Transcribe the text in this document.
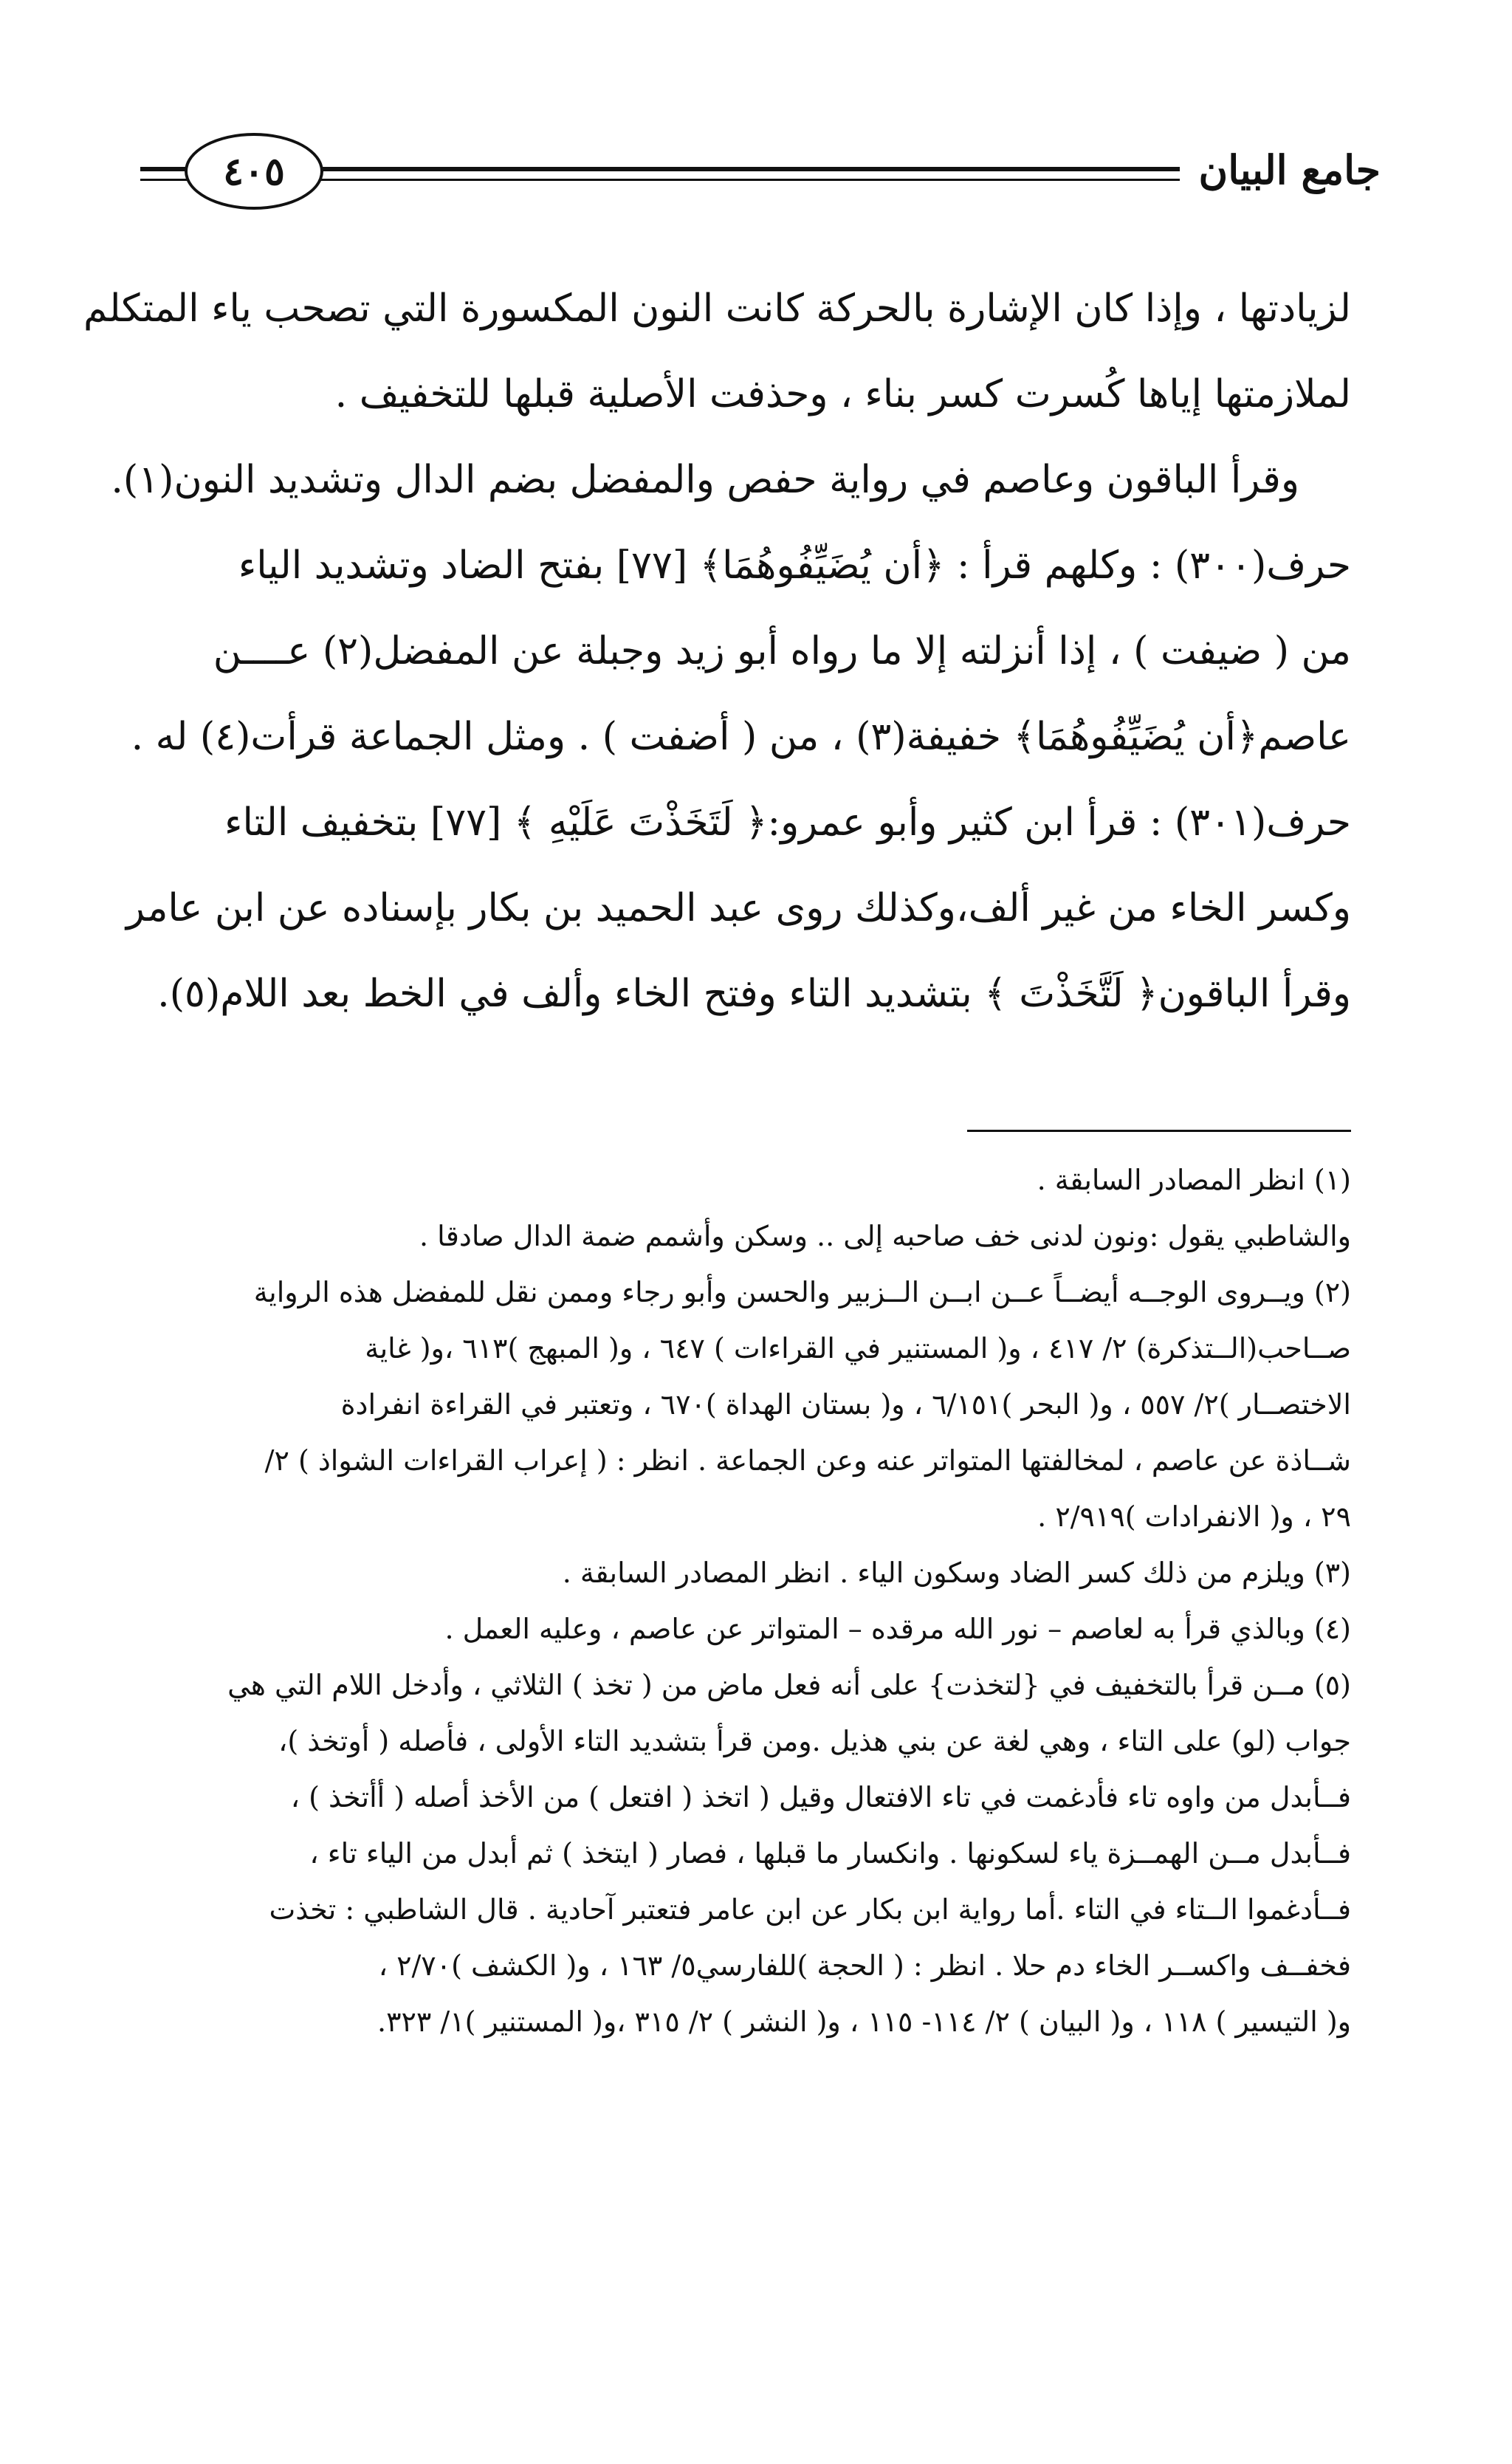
٤٠٥	جامع البيان
لزيادتها ، وإذا كان الإشارة بالحركة كانت النون المكسورة التي تصحب ياء المتكلم
لملازمتها إياها كُسرت كسر بناء ، وحذفت الأصلية قبلها للتخفيف .
وقرأ الباقون وعاصم في رواية حفص والمفضل بضم الدال وتشديد النون(١).
حرف(٣٠٠) : وكلهم قرأ : ﴿أن يُضَيِّفُوهُمَا﴾ [٧٧] بفتح الضاد وتشديد الياء
من ( ضيفت ) ، إذا أنزلته إلا ما رواه أبو زيد وجبلة عن المفضل(٢) عــــن
عاصم﴿أن يُضَيِّفُوهُمَا﴾ خفيفة(٣) ، من ( أضفت ) . ومثل الجماعة قرأت(٤) له .
حرف(٣٠١) : قرأ ابن كثير وأبو عمرو:﴿ لَتَخَذْتَ عَلَيْهِ ﴾ [٧٧] بتخفيف التاء
وكسر الخاء من غير ألف،وكذلك روى عبد الحميد بن بكار بإسناده عن ابن عامر
وقرأ الباقون﴿ لَتَّخَذْتَ ﴾ بتشديد التاء وفتح الخاء وألف في الخط بعد اللام(٥).
(١) انظر المصادر السابقة .
والشاطبي يقول :ونون لدنى خف صاحبه إلى .. وسكن وأشمم ضمة الدال صادقا .
(٢) ويــروى الوجــه أيضــاً عــن ابــن الــزبير والحسن وأبو رجاء وممن نقل للمفضل هذه الرواية
صــاحب(الــتذكرة) ٢/ ٤١٧ ، و( المستنير في القراءات ) ٦٤٧ ، و( المبهج )٦١٣ ،و( غاية
الاختصــار )٢/ ٥٥٧ ، و( البحر )٦/١٥١ ، و( بستان الهداة )٦٧٠ ، وتعتبر في القراءة انفرادة
شــاذة عن عاصم ، لمخالفتها المتواتر عنه وعن الجماعة . انظر : ( إعراب القراءات الشواذ ) ٢/
٢٩ ، و( الانفرادات )٢/٩١٩ .
(٣) ويلزم من ذلك كسر الضاد وسكون الياء . انظر المصادر السابقة .
(٤) وبالذي قرأ به لعاصم – نور الله مرقده – المتواتر عن عاصم ، وعليه العمل .
(٥) مــن قرأ بالتخفيف في {لتخذت} على أنه فعل ماض من ( تخذ ) الثلاثي ، وأدخل اللام التي هي
جواب (لو) على التاء ، وهي لغة عن بني هذيل .ومن قرأ بتشديد التاء الأولى ، فأصله ( أوتخذ )،
فــأبدل من واوه تاء فأدغمت في تاء الافتعال وقيل ( اتخذ ( افتعل ) من الأخذ أصله ( أأتخذ ) ،
فــأبدل مــن الهمــزة ياء لسكونها . وانكسار ما قبلها ، فصار ( ايتخذ ) ثم أبدل من الياء تاء ،
فــأدغموا الــتاء في التاء .أما رواية ابن بكار عن ابن عامر فتعتبر آحادية . قال الشاطبي : تخذت
فخفــف واكســر الخاء دم حلا . انظر : ( الحجة )للفارسي٥/ ١٦٣ ، و( الكشف )٢/٧٠ ،
و( التيسير ) ١١٨ ، و( البيان ) ٢/ ١١٤- ١١٥ ، و( النشر ) ٢/ ٣١٥ ،و( المستنير )١/ ٣٢٣.
